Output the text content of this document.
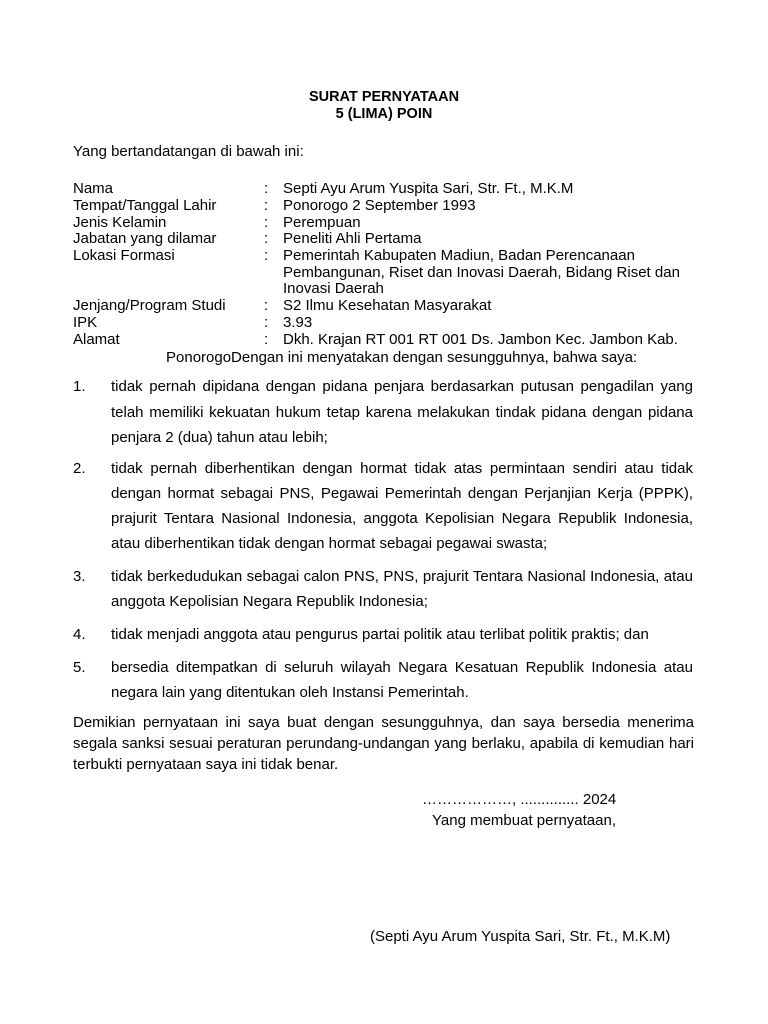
SURAT PERNYATAAN
5 (LIMA) POIN
Yang bertandatangan di bawah ini:
Nama	: Septi Ayu Arum Yuspita Sari, Str. Ft., M.K.M
Tempat/Tanggal Lahir	: Ponorogo 2 September 1993
Jenis Kelamin	: Perempuan
Jabatan yang dilamar	: Peneliti Ahli Pertama
Lokasi Formasi	: Pemerintah Kabupaten Madiun, Badan Perencanaan Pembangunan, Riset dan Inovasi Daerah, Bidang Riset dan Inovasi Daerah
Jenjang/Program Studi	: S2 Ilmu Kesehatan Masyarakat
IPK	: 3.93
Alamat	: Dkh. Krajan RT 001 RT 001 Ds. Jambon Kec. Jambon Kab.
PonorogoDengan ini menyatakan dengan sesungguhnya, bahwa saya:
1. tidak pernah dipidana dengan pidana penjara berdasarkan putusan pengadilan yang telah memiliki kekuatan hukum tetap karena melakukan tindak pidana dengan pidana penjara 2 (dua) tahun atau lebih;
2. tidak pernah diberhentikan dengan hormat tidak atas permintaan sendiri atau tidak dengan hormat sebagai PNS, Pegawai Pemerintah dengan Perjanjian Kerja (PPPK), prajurit Tentara Nasional Indonesia, anggota Kepolisian Negara Republik Indonesia, atau diberhentikan tidak dengan hormat sebagai pegawai swasta;
3. tidak berkedudukan sebagai calon PNS, PNS, prajurit Tentara Nasional Indonesia, atau anggota Kepolisian Negara Republik Indonesia;
4. tidak menjadi anggota atau pengurus partai politik atau terlibat politik praktis; dan
5. bersedia ditempatkan di seluruh wilayah Negara Kesatuan Republik Indonesia atau negara lain yang ditentukan oleh Instansi Pemerintah.
Demikian pernyataan ini saya buat dengan sesungguhnya, dan saya bersedia menerima segala sanksi sesuai peraturan perundang-undangan yang berlaku, apabila di kemudian hari terbukti pernyataan saya ini tidak benar.
………………, .............. 2024
Yang membuat pernyataan,
(Septi Ayu Arum Yuspita Sari, Str. Ft., M.K.M)
